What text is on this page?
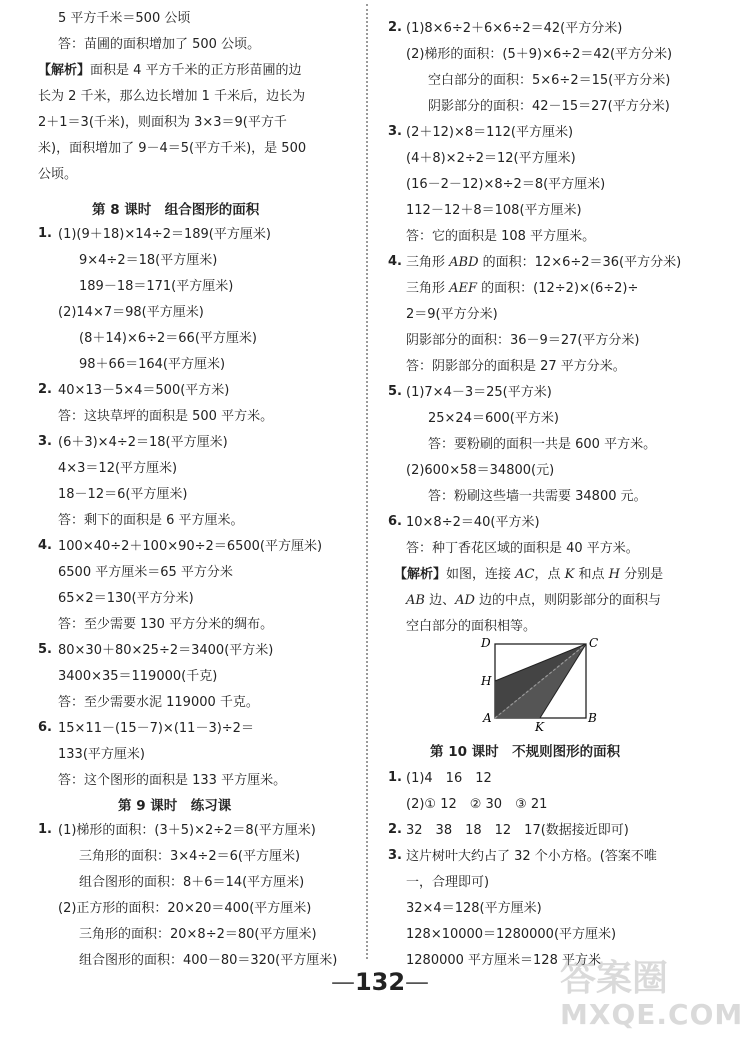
5 平方千米＝500 公顷
答：苗圃的面积增加了 500 公顷。
【解析】面积是 4 平方千米的正方形苗圃的边
长为 2 千米，那么边长增加 1 千米后，边长为
2＋1＝3(千米)，则面积为 3×3＝9(平方千
米)，面积增加了 9－4＝5(平方千米)，是 500
公顷。
第 8 课时　组合图形的面积
1. (1)(9＋18)×14÷2＝189(平方厘米)
9×4÷2＝18(平方厘米)
189－18＝171(平方厘米)
(2)14×7＝98(平方厘米)
(8＋14)×6÷2＝66(平方厘米)
98＋66＝164(平方厘米)
2. 40×13－5×4＝500(平方米)
答：这块草坪的面积是 500 平方米。
3. (6＋3)×4÷2＝18(平方厘米)
4×3＝12(平方厘米)
18－12＝6(平方厘米)
答：剩下的面积是 6 平方厘米。
4. 100×40÷2＋100×90÷2＝6500(平方厘米)
6500 平方厘米＝65 平方分米
65×2＝130(平方分米)
答：至少需要 130 平方分米的绸布。
5. 80×30＋80×25÷2＝3400(平方米)
3400×35＝119000(千克)
答：至少需要水泥 119000 千克。
6. 15×11－(15－7)×(11－3)÷2＝
133(平方厘米)
答：这个图形的面积是 133 平方厘米。
第 9 课时　练习课
1. (1)梯形的面积：(3＋5)×2÷2＝8(平方厘米)
三角形的面积：3×4÷2＝6(平方厘米)
组合图形的面积：8＋6＝14(平方厘米)
(2)正方形的面积：20×20＝400(平方厘米)
三角形的面积：20×8÷2＝80(平方厘米)
组合图形的面积：400－80＝320(平方厘米)
2. (1)8×6÷2＋6×6÷2＝42(平方分米)
(2)梯形的面积：(5＋9)×6÷2＝42(平方分米)
空白部分的面积：5×6÷2＝15(平方分米)
阴影部分的面积：42－15＝27(平方分米)
3. (2＋12)×8＝112(平方厘米)
(4＋8)×2÷2＝12(平方厘米)
(16－2－12)×8÷2＝8(平方厘米)
112－12＋8＝108(平方厘米)
答：它的面积是 108 平方厘米。
4. 三角形 ABD 的面积：12×6÷2＝36(平方分米)
三角形 AEF 的面积：(12÷2)×(6÷2)÷
2＝9(平方分米)
阴影部分的面积：36－9＝27(平方分米)
答：阴影部分的面积是 27 平方分米。
5. (1)7×4－3＝25(平方米)
25×24＝600(平方米)
答：要粉刷的面积一共是 600 平方米。
(2)600×58＝34800(元)
答：粉刷这些墙一共需要 34800 元。
6. 10×8÷2＝40(平方米)
答：种丁香花区域的面积是 40 平方米。
【解析】如图，连接 AC，点 K 和点 H 分别是
AB 边、AD 边的中点，则阴影部分的面积与
空白部分的面积相等。
D	C
H
A	B
K
第 10 课时　不规则图形的面积
1. (1)4　16　12
(2)① 12　② 30　③ 21
2. 32　38　18　12　17(数据接近即可)
3. 这片树叶大约占了 32 个小方格。(答案不唯
一，合理即可)
32×4＝128(平方厘米)
128×10000＝1280000(平方厘米)
1280000 平方厘米＝128 平方米
—132—	答案圈
MXQE.COM
